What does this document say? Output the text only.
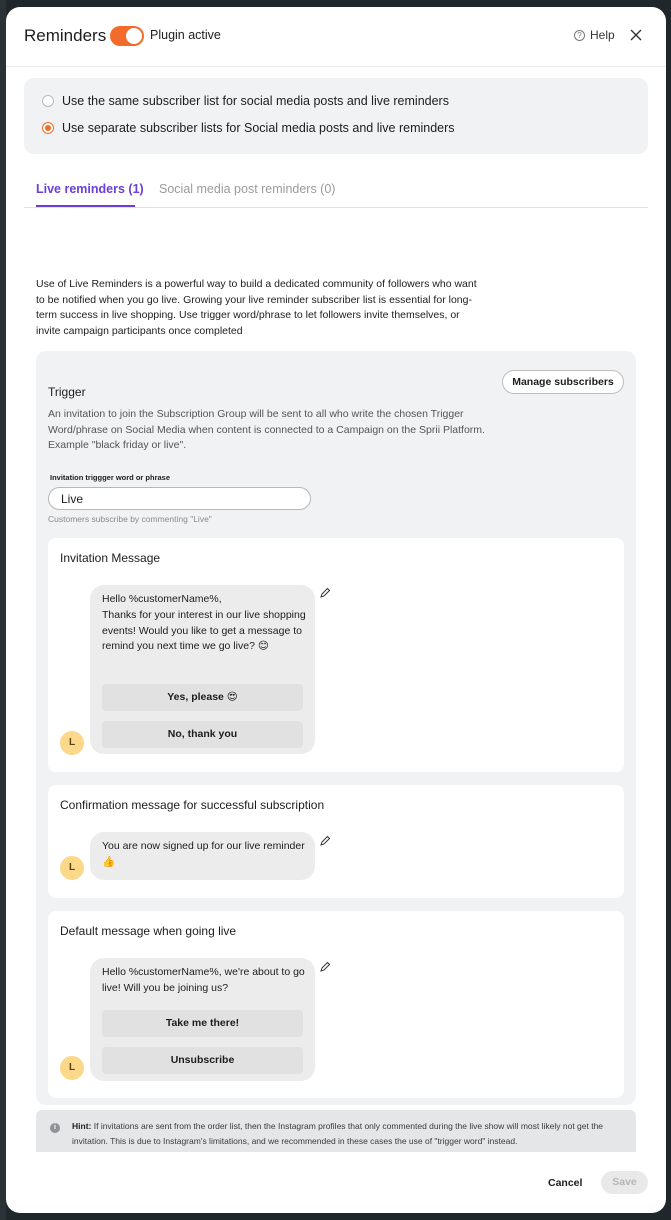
Reminders	Plugin active	? Help
Use the same subscriber list for social media posts and live reminders
Use separate subscriber lists for Social media posts and live reminders
Live reminders (1) Social media post reminders (0)
Use of Live Reminders is a powerful way to build a dedicated community of followers who want to be notified when you go live. Growing your live reminder subscriber list is essential for long-term success in live shopping. Use trigger word/phrase to let followers invite themselves, or invite campaign participants once completed
Trigger
Manage subscribers
An invitation to join the Subscription Group will be sent to all who write the chosen Trigger Word/phrase on Social Media when content is connected to a Campaign on the Sprii Platform. Example "black friday or live".
Invitation triggger word or phrase
Live
Customers subscribe by commenting "Live"
Invitation Message
L
Hello %customerName%,
Thanks for your interest in our live shopping events! Would you like to get a message to remind you next time we go live? 😊
Yes, please 😍
No, thank you
Confirmation message for successful subscription
L
You are now signed up for our live reminder 👍
Default message when going live
L
Hello %customerName%, we're about to go live! Will you be joining us?
Take me there!
Unsubscribe
i	Hint: If invitations are sent from the order list, then the Instagram profiles that only commented during the live show will most likely not get the invitation. This is due to Instagram's limitations, and we recommended in these cases the use of "trigger word" instead.
Cancel	Save
